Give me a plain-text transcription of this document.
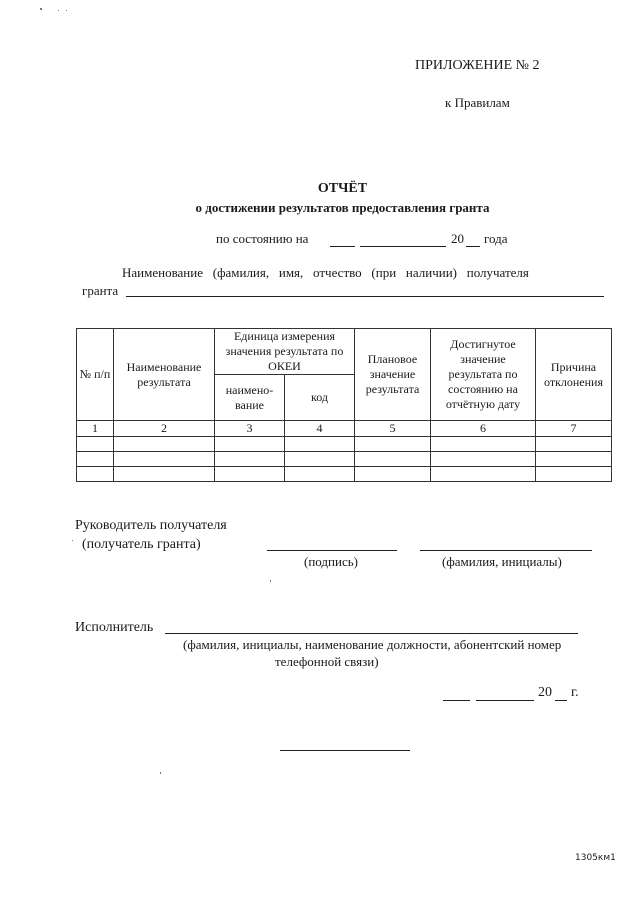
ПРИЛОЖЕНИЕ № 2
к Правилам
ОТЧЁТ
о достижении результатов предоставления гранта
по состоянию на	20 года
Наименование   (фамилия,   имя,   отчество   (при   наличии)   получателя
гранта
№ п/п	Наименование результата	Единица измерения значения результата по ОКЕИ		Плановое значение результата	Достигнутое значение результата по состоянию на отчётную дату	Причина отклонения
		наимено-вание	код			
1	2	3	4	5	6	7

Руководитель получателя
(получатель гранта)
(подпись)	(фамилия, инициалы)
Исполнитель
(фамилия, инициалы, наименование должности, абонентский номер
телефонной связи)
20 г.
1305км1
